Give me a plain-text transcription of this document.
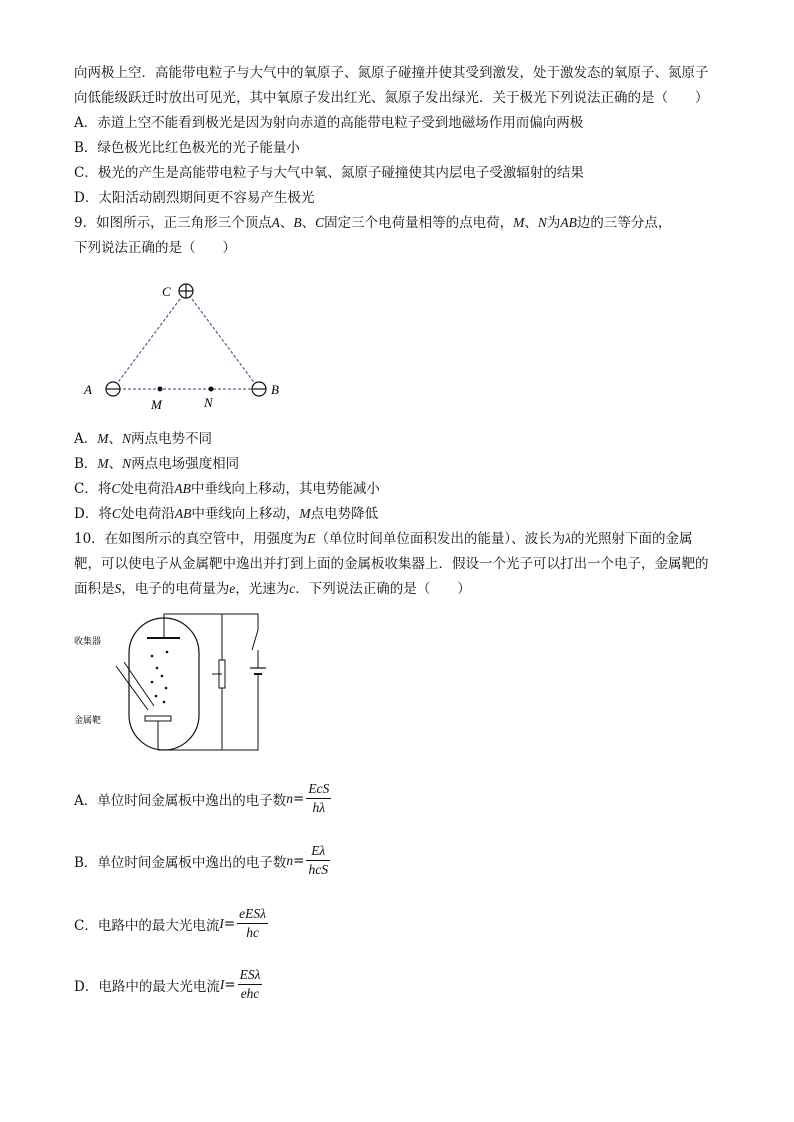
向两极上空．高能带电粒子与大气中的氧原子、氮原子碰撞并使其受到激发，处于激发态的氧原子、氮原子
向低能级跃迁时放出可见光，其中氧原子发出红光、氮原子发出绿光．关于极光下列说法正确的是（　　）
A．赤道上空不能看到极光是因为射向赤道的高能带电粒子受到地磁场作用而偏向两极
B．绿色极光比红色极光的光子能量小
C．极光的产生是高能带电粒子与大气中氧、氮原子碰撞使其内层电子受激辐射的结果
D．太阳活动剧烈期间更不容易产生极光
9．如图所示，正三角形三个顶点A、B、C固定三个电荷量相等的点电荷，M、N为AB边的三等分点，
下列说法正确的是（　　）
C
A	B
M	N
A．M、N两点电势不同
B．M、N两点电场强度相同
C．将C处电荷沿AB中垂线向上移动，其电势能减小
D．将C处电荷沿AB中垂线向上移动，M点电势降低
10．在如图所示的真空管中，用强度为E（单位时间单位面积发出的能量）、波长为λ的光照射下面的金属
靶，可以使电子从金属靶中逸出并打到上面的金属板收集器上．假设一个光子可以打出一个电子，金属靶的
面积是S，电子的电荷量为e，光速为c．下列说法正确的是（　　）
收集器
金属靶
A．单位时间金属板中逸出的电子数 $n = \frac{\text{EcS}}{h\lambda}$
B．单位时间金属板中逸出的电子数 $n = \frac{E\lambda}{\text{hcS}}$
C．电路中的最大光电流 $I = \frac{\text{eESλ}}{hc}$
D．电路中的最大光电流 $I = \frac{\text{ESλ}}{\text{ehc}}$
